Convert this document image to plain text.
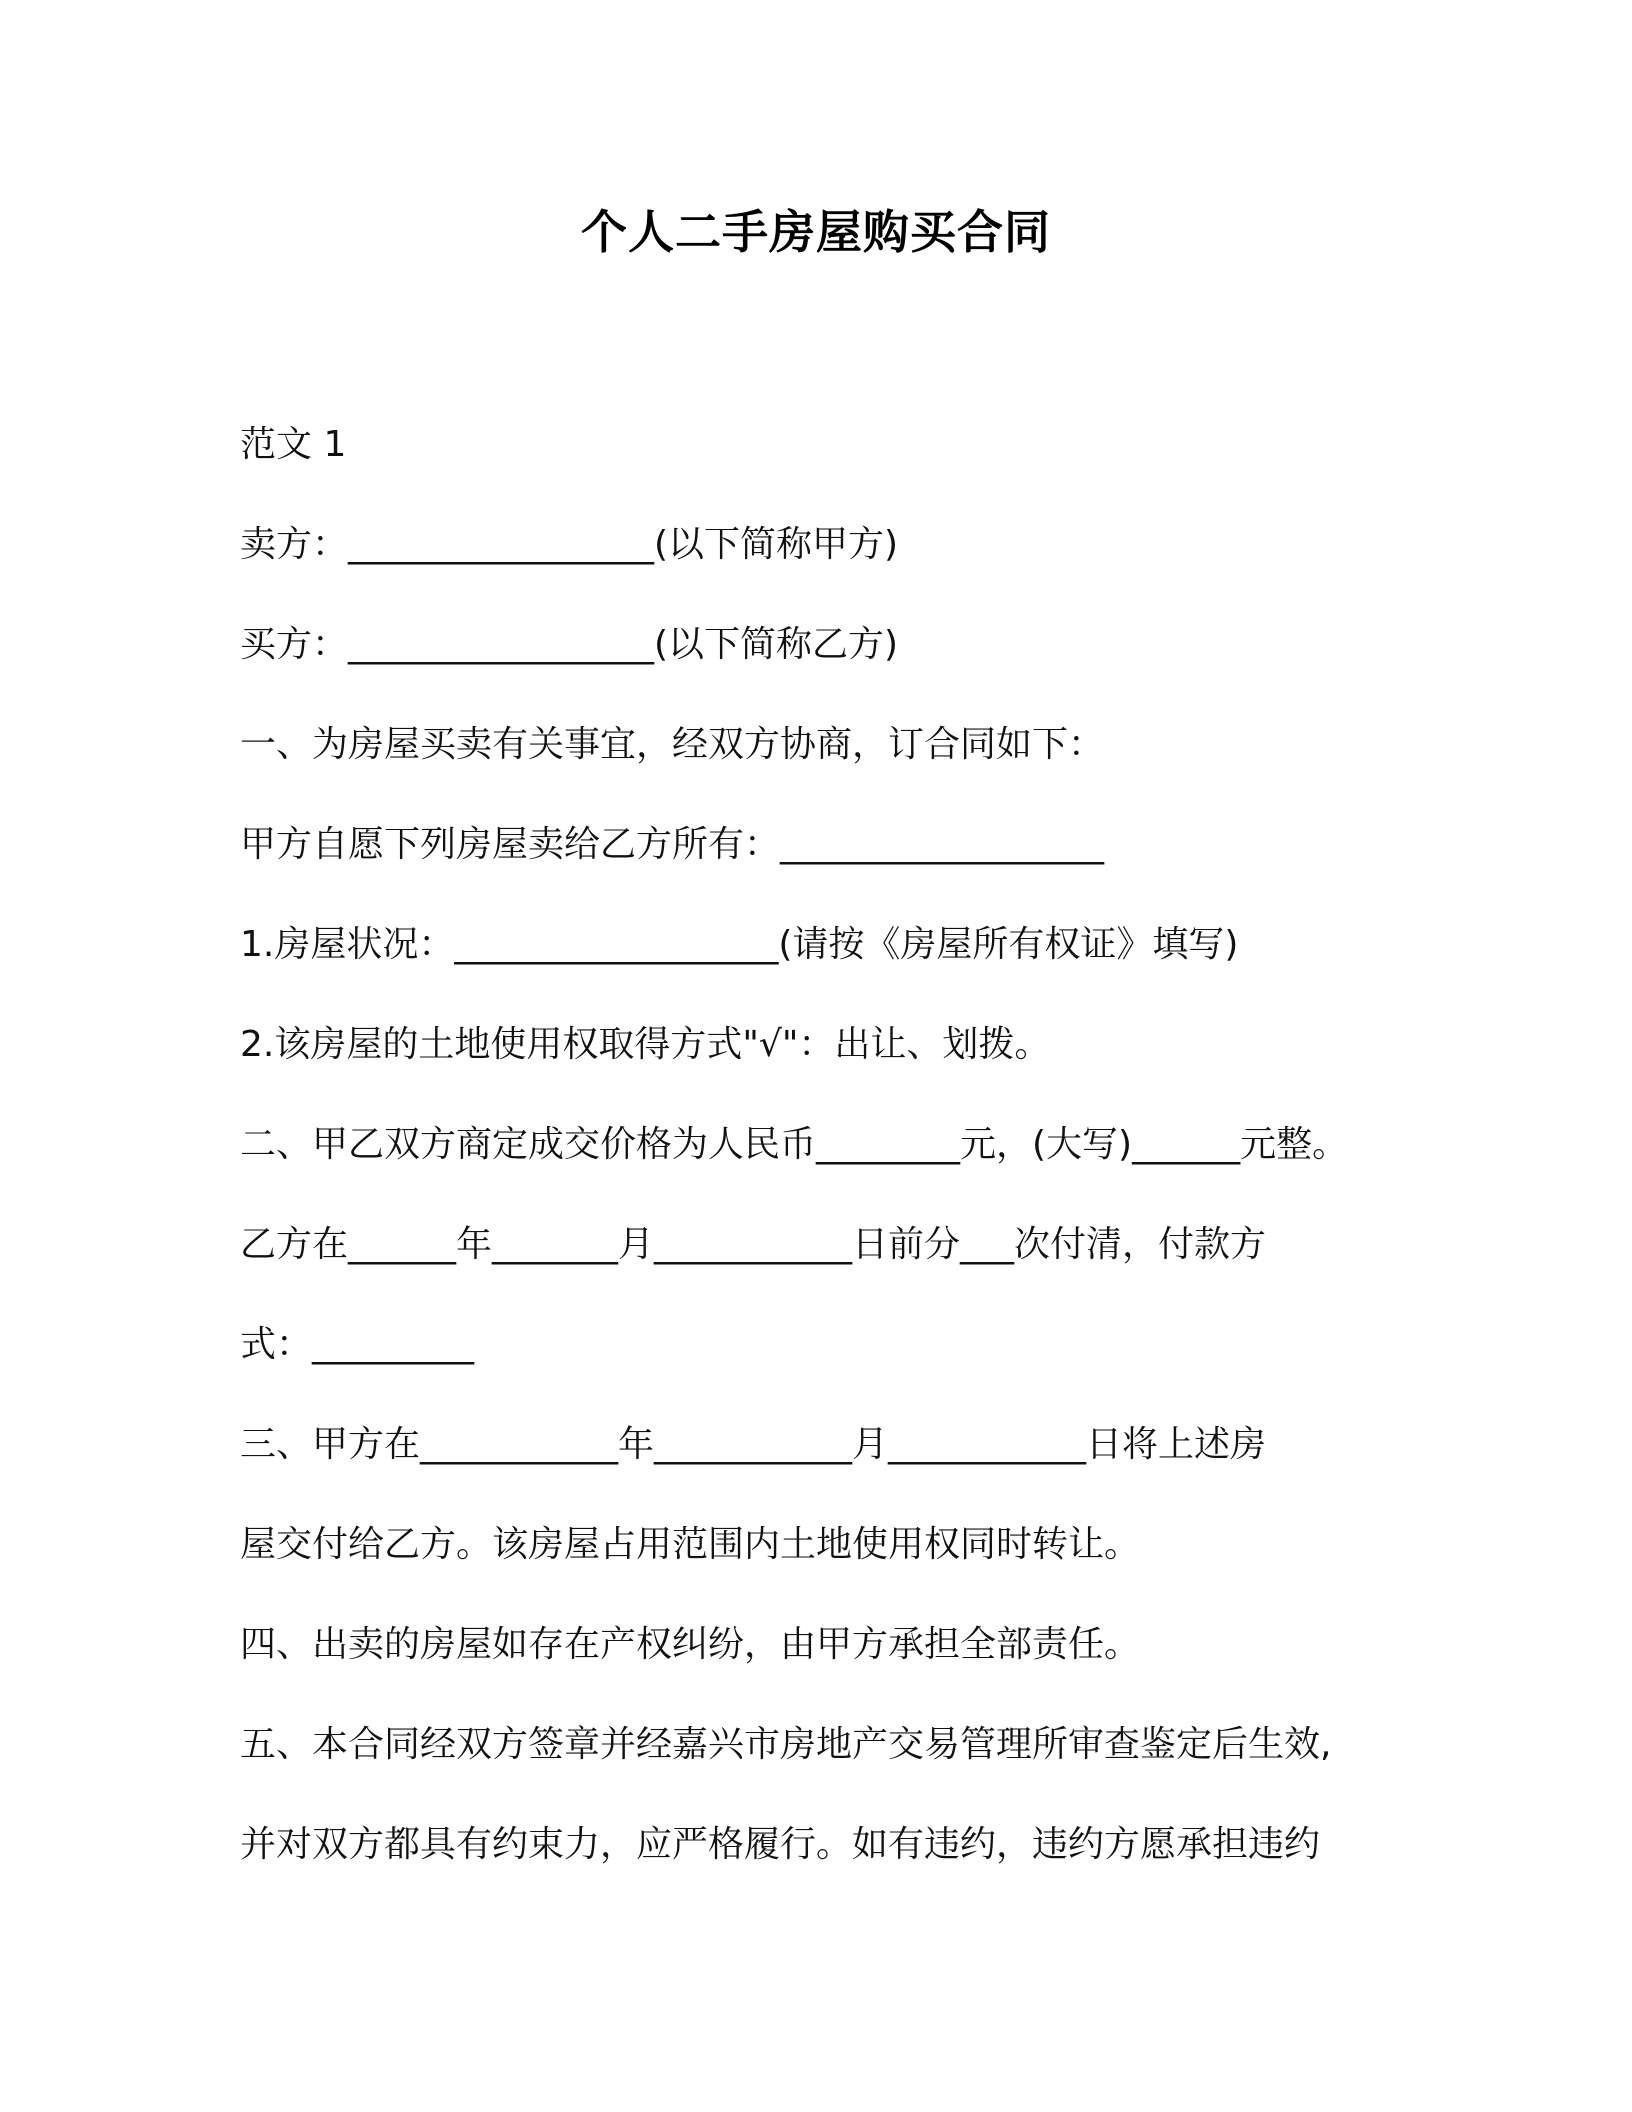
个人二手房屋购买合同
范文 1
卖方：_________________(以下简称甲方)
买方：_________________(以下简称乙方)
一、为房屋买卖有关事宜，经双方协商，订合同如下：
甲方自愿下列房屋卖给乙方所有：__________________
1.房屋状况：__________________(请按《房屋所有权证》填写)
2.该房屋的土地使用权取得方式"√"：出让、划拨。
二、甲乙双方商定成交价格为人民币________元，(大写)______元整。
乙方在______年_______月___________日前分___次付清，付款方
式：_________
三、甲方在___________年___________月___________日将上述房
屋交付给乙方。该房屋占用范围内土地使用权同时转让。
四、出卖的房屋如存在产权纠纷，由甲方承担全部责任。
五、本合同经双方签章并经嘉兴市房地产交易管理所审查鉴定后生效,
并对双方都具有约束力，应严格履行。如有违约，违约方愿承担违约
